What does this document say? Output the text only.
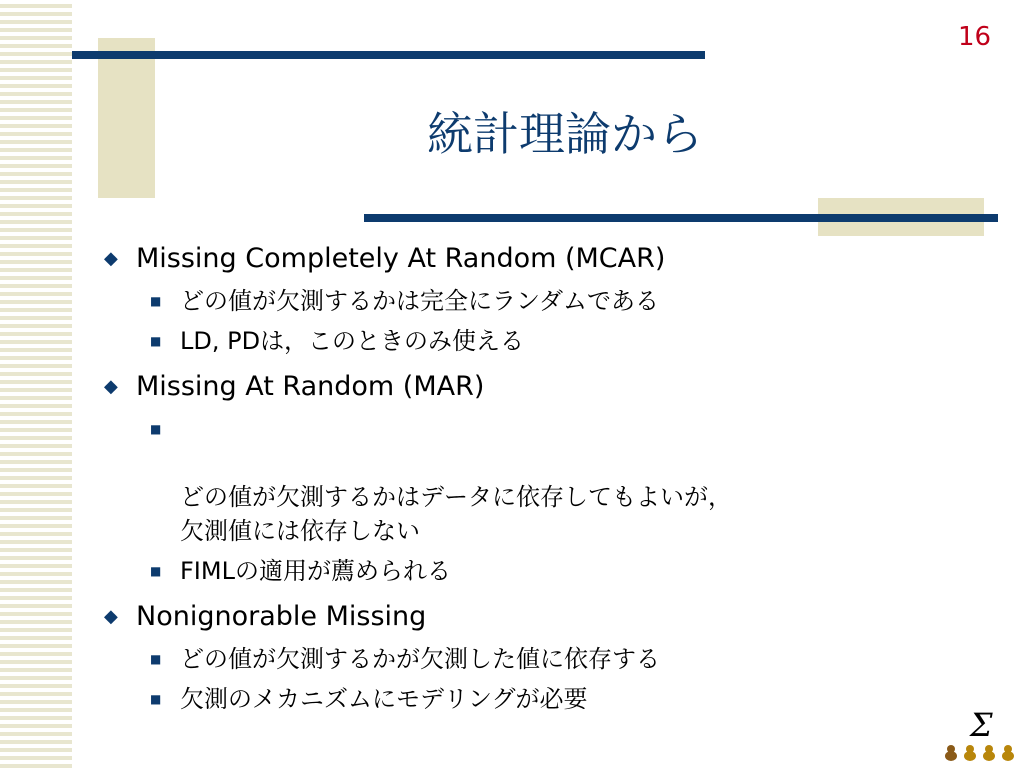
16
統計理論から
◆ Missing Completely At Random (MCAR)
■ どの値が欠測するかは完全にランダムである
■ LD, PDは，このときのみ使える
◆ Missing At Random (MAR)

■

どの値が欠測するかはデータに依存してもよいが，
欠測値には依存しない

■ FIMLの適用が薦められる
◆ Nonignorable Missing
■ どの値が欠測するかが欠測した値に依存する
■ 欠測のメカニズムにモデリングが必要
Σ
